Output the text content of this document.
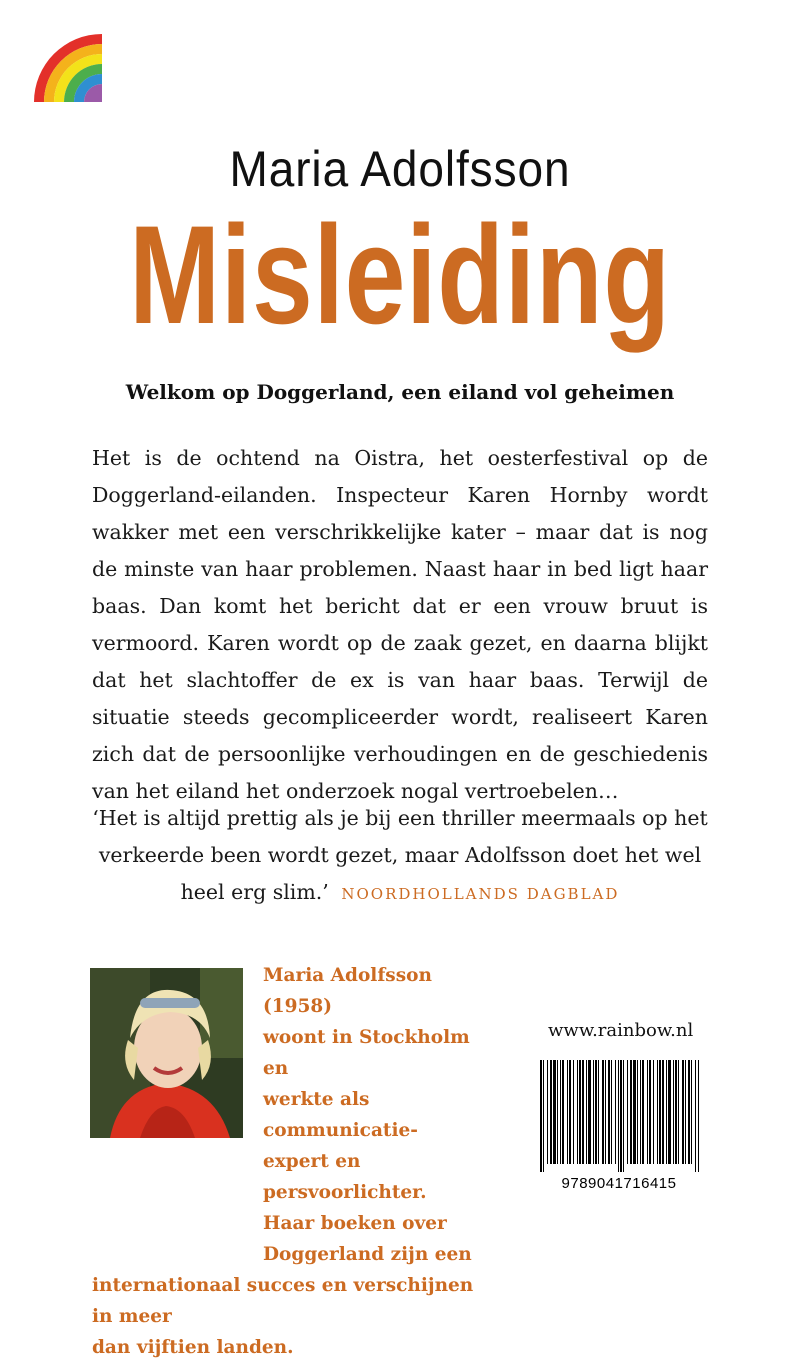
Maria Adolfsson
Misleiding
Welkom op Doggerland, een eiland vol geheimen

Het is de ochtend na Oistra, het oesterfestival op de Doggerland-eilanden. Inspecteur Karen Hornby wordt wakker met een verschrikkelijke kater – maar dat is nog de minste van haar problemen. Naast haar in bed ligt haar baas. Dan komt het bericht dat er een vrouw bruut is vermoord. Karen wordt op de zaak gezet, en daarna blijkt dat het slachtoffer de ex is van haar baas. Terwijl de situatie steeds gecompliceerder wordt, realiseert Karen zich dat de persoonlijke verhoudingen en de geschiedenis van het eiland het onderzoek nogal vertroebelen…

‘Het is altijd prettig als je bij een thriller meermaals op het verkeerde been wordt gezet, maar Adolfsson doet het wel heel erg slim.’ NOORDHOLLANDS DAGBLAD

Maria Adolfsson (1958)
woont in Stockholm en
werkte als communicatie-
expert en persvoorlichter.
Haar boeken over
Doggerland zijn een
internationaal succes en verschijnen in meer
dan vijftien landen.
www.rainbow.nl
9789041716415
